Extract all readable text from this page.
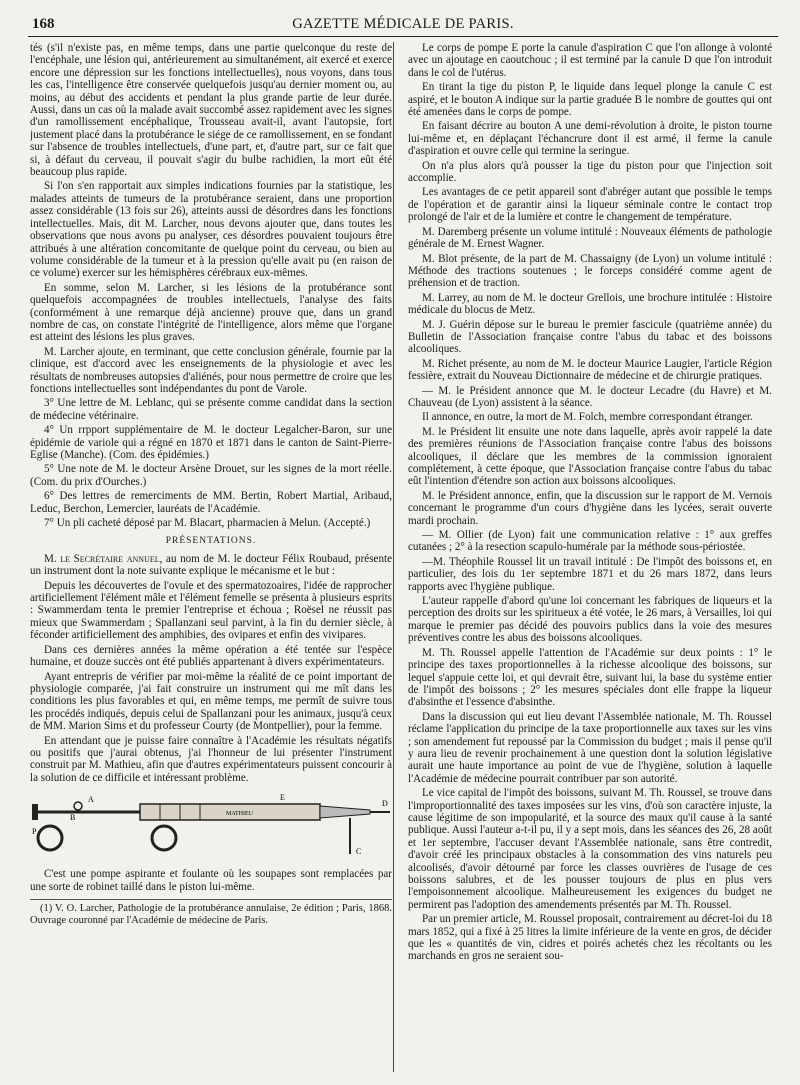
168	GAZETTE MÉDICALE DE PARIS.

tés (s'il n'existe pas, en même temps, dans une partie quelconque du reste de l'encéphale, une lésion qui, antérieurement au simultanément, ait exercé et exerce encore une dépression sur les fonctions intellectuelles), nous voyons, dans tous les cas, l'intelligence être conservée quelquefois jusqu'au dernier moment ou, au moins, au début des accidents et pendant la plus grande partie de leur durée. Aussi, dans un cas où la malade avait succombé assez rapidement avec les signes d'un ramollissement encéphalique, Trousseau avait-il, avant l'autopsie, fort justement placé dans la protubérance le siége de ce ramollissement, en se fondant sur l'absence de troubles intellectuels, d'une part, et, d'autre part, sur ce fait que si, à défaut du cerveau, il pouvait s'agir du bulbe rachidien, la mort eût été beaucoup plus rapide.

Si l'on s'en rapportait aux simples indications fournies par la statistique, les malades atteints de tumeurs de la protubérance seraient, dans une proportion assez considérable (13 fois sur 26), atteints aussi de désordres dans les fonctions intellectuelles. Mais, dit M. Larcher, nous devons ajouter que, dans toutes les observations que nous avons pu analyser, ces désordres pouvaient toujours être attribués à une altération concomitante de quelque point du cerveau, ou bien au volume considérable de la tumeur et à la pression qu'elle avait pu (en raison de ce volume) exercer sur les hémisphères cérébraux eux-mêmes.

En somme, selon M. Larcher, si les lésions de la protubérance sont quelquefois accompagnées de troubles intellectuels, l'analyse des faits (conformément à une remarque déjà ancienne) prouve que, dans un grand nombre de cas, on constate l'intégrité de l'intelligence, alors même que l'organe est atteint des lésions les plus graves.

M. Larcher ajoute, en terminant, que cette conclusion générale, fournie par la clinique, est d'accord avec les enseignements de la physiologie et avec les résultats de nombreuses autopsies d'aliénés, pour nous permettre de croire que les fonctions intellectuelles sont indépendantes du pont de Varole.

3° Une lettre de M. Leblanc, qui se présente comme candidat dans la section de médecine vétérinaire.

4° Un rrpport supplémentaire de M. le docteur Legalcher-Baron, sur une épidémie de variole qui a régné en 1870 et 1871 dans le canton de Saint-Pierre-Eglise (Manche). (Com. des épidémies.)

5° Une note de M. le docteur Arsène Drouet, sur les signes de la mort réelle. (Com. du prix d'Ourches.)

6° Des lettres de remerciments de MM. Bertin, Robert Martial, Aribaud, Leduc, Berchon, Lemercier, lauréats de l'Académie.

7° Un pli cacheté déposé par M. Blacart, pharmacien à Melun. (Accepté.)

PRÉSENTATIONS.

M. le Secrétaire annuel, au nom de M. le docteur Félix Roubaud, présente un instrument dont la note suivante explique le mécanisme et le but :

Depuis les découvertes de l'ovule et des spermatozoaires, l'idée de rapprocher artificiellement l'élément mâle et l'élément femelle se présenta à plusieurs esprits : Swammerdam tenta le premier l'entreprise et échoua ; Roësel ne réussit pas mieux que Swammerdam ; Spallanzani seul parvint, à la fin du dernier siècle, à féconder artificiellement des amphibies, des ovipares et enfin des vivipares.

Dans ces dernières années la même opération a été tentée sur l'espèce humaine, et douze succès ont été publiés appartenant à divers expérimentateurs.

Ayant entrepris de vérifier par moi-même la réalité de ce point important de physiologie comparée, j'ai fait construire un instrument qui me mît dans les conditions les plus favorables et qui, en même temps, me permît de suivre tous les procédés indiqués, depuis celui de Spallanzani pour les animaux, jusqu'à ceux de MM. Marion Sims et du professeur Courty (de Montpellier), pour la femme.

En attendant que je puisse faire connaître à l'Académie les résultats négatifs ou positifs que j'aurai obtenus, j'ai l'honneur de lui présenter l'instrument construit par M. Mathieu, afin que d'autres expérimentateurs puissent concourir à la solution de ce difficile et intéressant problème.

A
B
C
D
E
P
MATHIEU

C'est une pompe aspirante et foulante où les soupapes sont remplacées par une sorte de robinet taillé dans le piston lui-même.

(1) V. O. Larcher, Pathologie de la protubérance annulaise, 2e édition ; Paris, 1868. Ouvrage couronné par l'Académie de médecine de Paris.

Le corps de pompe E porte la canule d'aspiration C que l'on allonge à volonté avec un ajoutage en caoutchouc ; il est terminé par la canule D que l'on introduit dans le col de l'utérus.

En tirant la tige du piston P, le liquide dans lequel plonge la canule C est aspiré, et le bouton A indique sur la partie graduée B le nombre de gouttes qui ont été amenées dans le corps de pompe.

En faisant décrire au bouton A une demi-révolution à droite, le piston tourne lui-même et, en déplaçant l'échancrure dont il est armé, il ferme la canule d'aspiration et ouvre celle qui termine la seringue.

On n'a plus alors qu'à pousser la tige du piston pour que l'injection soit accomplie.

Les avantages de ce petit appareil sont d'abréger autant que possible le temps de l'opération et de garantir ainsi la liqueur séminale contre le contact trop prolongé de l'air et de la lumière et contre le changement de température.

M. Daremberg présente un volume intitulé : Nouveaux éléments de pathologie générale de M. Ernest Wagner.

M. Blot présente, de la part de M. Chassaigny (de Lyon) un volume intitulé : Méthode des tractions soutenues ; le forceps considéré comme agent de préhension et de traction.

M. Larrey, au nom de M. le docteur Grellois, une brochure intitulée : Histoire médicale du blocus de Metz.

M. J. Guérin dépose sur le bureau le premier fascicule (quatrième année) du Bulletin de l'Association française contre l'abus du tabac et des boissons alcooliques.

M. Richet présente, au nom de M. le docteur Maurice Laugier, l'article Région fessière, extrait du Nouveau Dictionnaire de médecine et de chirurgie pratiques.

— M. le Président annonce que M. le docteur Lecadre (du Havre) et M. Chauveau (de Lyon) assistent à la séance.

Il annonce, en outre, la mort de M. Folch, membre correspondant étranger.

M. le Président lit ensuite une note dans laquelle, après avoir rappelé la date des premières réunions de l'Association française contre l'abus des boissons alcooliques, il déclare que les membres de la commission ignoraient complétement, à cette époque, que l'Association française contre l'abus du tabac eût l'intention d'étendre son action aux boissons alcooliques.

M. le Président annonce, enfin, que la discussion sur le rapport de M. Vernois concernant le programme d'un cours d'hygiène dans les lycées, serait ouverte mardi prochain.

— M. Ollier (de Lyon) fait une communication relative : 1° aux greffes cutanées ; 2° à la resection scapulo-humérale par la méthode sous-périostée.

—M. Théophile Roussel lit un travail intitulé : De l'impôt des boissons et, en particulier, des lois du 1er septembre 1871 et du 26 mars 1872, dans leurs rapports avec l'hygiène publique.

L'auteur rappelle d'abord qu'une loi concernant les fabriques de liqueurs et la perception des droits sur les spiritueux a été votée, le 26 mars, à Versailles, loi qui marque le premier pas décidé des pouvoirs publics dans la voie des mesures préventives contre les abus des boissons alcooliques.

M. Th. Roussel appelle l'attention de l'Académie sur deux points : 1° le principe des taxes proportionnelles à la richesse alcoolique des boissons, sur lequel s'appuie cette loi, et qui devrait être, suivant lui, la base du système entier de l'impôt des boissons ; 2° les mesures spéciales dont elle frappe la liqueur d'absinthe et l'essence d'absinthe.

Dans la discussion qui eut lieu devant l'Assemblée nationale, M. Th. Roussel réclame l'application du principe de la taxe proportionnelle aux taxes sur les vins ; son amendement fut repoussé par la Commission du budget ; mais il pense qu'il y aura lieu de revenir prochainement à une question dont la solution législative aurait une haute importance au point de vue de l'hygiène, solution à laquelle l'Académie de médecine pourrait contribuer par son autorité.

Le vice capital de l'impôt des boissons, suivant M. Th. Roussel, se trouve dans l'improportionnalité des taxes imposées sur les vins, d'où son caractère injuste, la cause légitime de son impopularité, et la source des maux qu'il cause à la santé publique. Aussi l'auteur a-t-il pu, il y a sept mois, dans les séances des 26, 28 août et 1er septembre, l'accuser devant l'Assemblée nationale, sans être contredit, d'avoir créé les principaux obstacles à la consommation des vins naturels peu alcoolisés, d'avoir détourné par force les classes ouvrières de l'usage de ces boissons salubres, et de les pousser toujours de plus en plus vers l'empoisonnement alcoolique. Malheureusement les exigences du budget ne permirent pas l'adoption des amendements présentés par M. Th. Roussel.

Par un premier article, M. Roussel proposait, contrairement au décret-loi du 18 mars 1852, qui a fixé à 25 litres la limite inférieure de la vente en gros, de décider que les « quantités de vin, cidres et poirés achetés chez les récoltants ou les marchands en gros ne seraient sou-
